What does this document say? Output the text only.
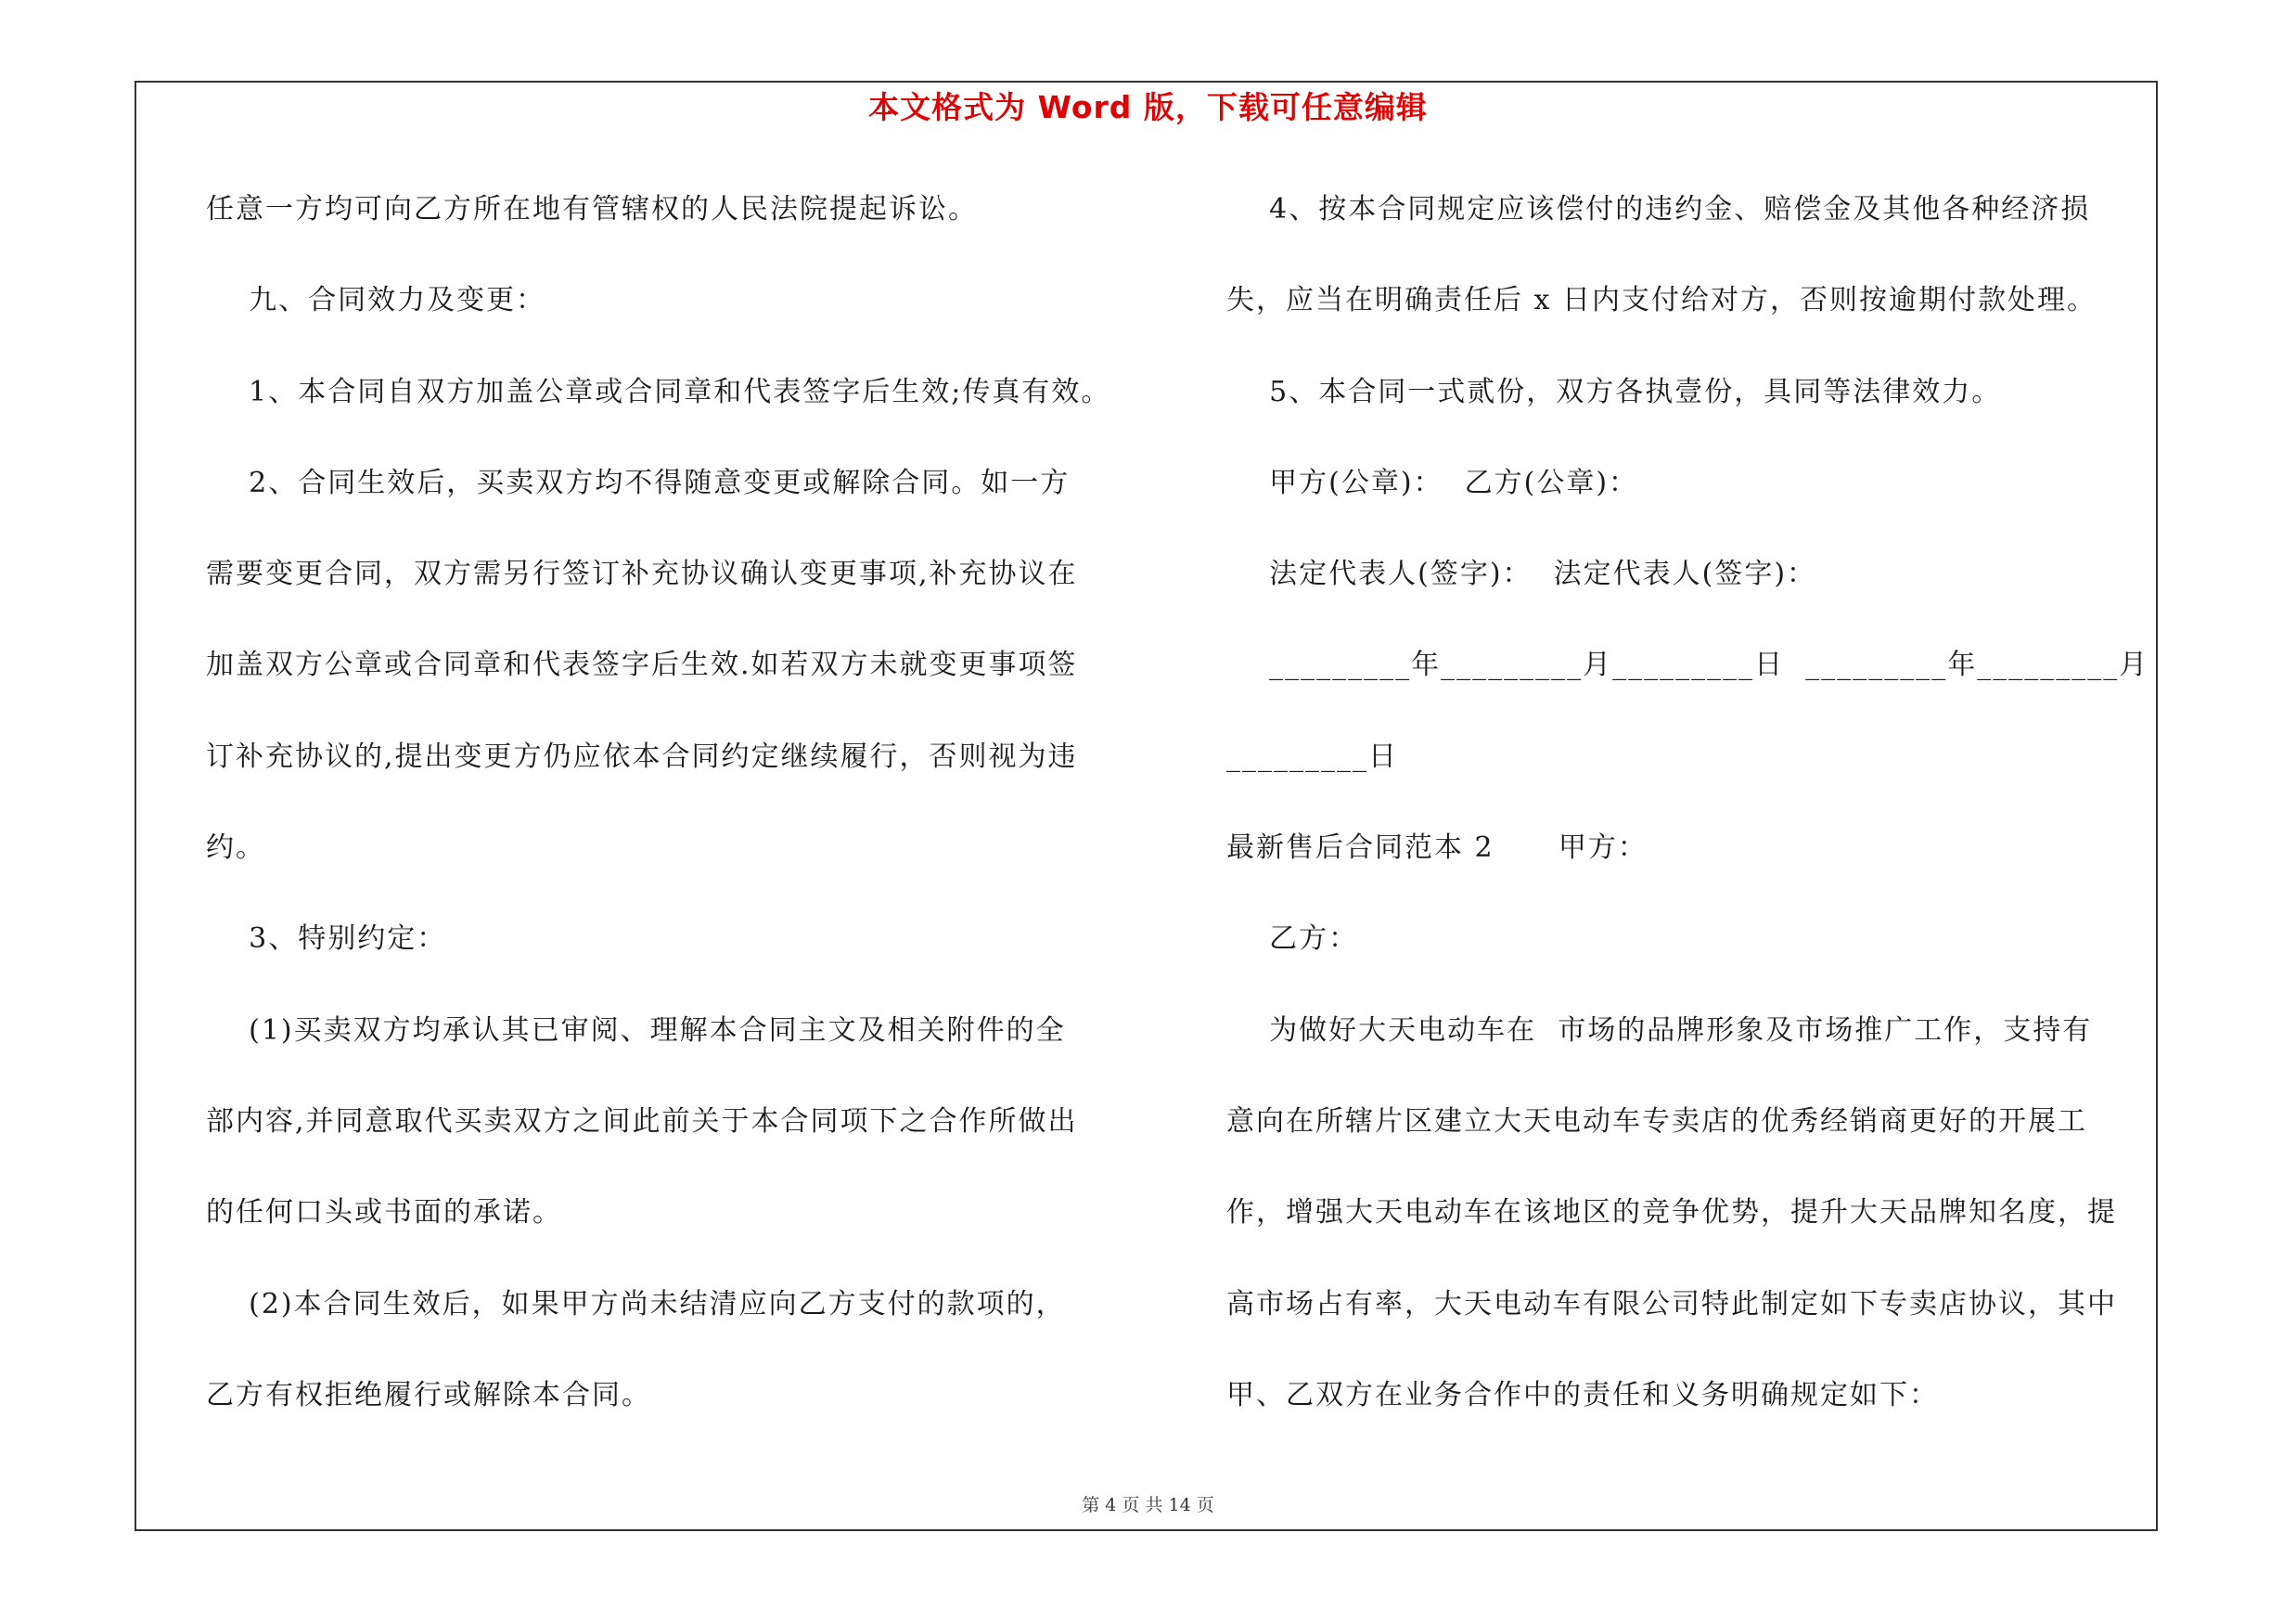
本文格式为 Word 版，下载可任意编辑
任意一方均可向乙方所在地有管辖权的人民法院提起诉讼。
九、合同效力及变更：
1、本合同自双方加盖公章或合同章和代表签字后生效;传真有效。
2、合同生效后，买卖双方均不得随意变更或解除合同。如一方
需要变更合同，双方需另行签订补充协议确认变更事项,补充协议在
加盖双方公章或合同章和代表签字后生效.如若双方未就变更事项签
订补充协议的,提出变更方仍应依本合同约定继续履行，否则视为违
约。
3、特别约定：
(1)买卖双方均承认其已审阅、理解本合同主文及相关附件的全
部内容,并同意取代买卖双方之间此前关于本合同项下之合作所做出
的任何口头或书面的承诺。
(2)本合同生效后，如果甲方尚未结清应向乙方支付的款项的，
乙方有权拒绝履行或解除本合同。
4、按本合同规定应该偿付的违约金、赔偿金及其他各种经济损
失，应当在明确责任后 x 日内支付给对方，否则按逾期付款处理。
5、本合同一式贰份，双方各执壹份，具同等法律效力。
甲方(公章)：  乙方(公章)：
法定代表人(签字)：  法定代表人(签字)：
_________年_________月_________日  _________年_________月
_________日
最新售后合同范本 2      甲方：
乙方：
为做好大天电动车在  市场的品牌形象及市场推广工作，支持有
意向在所辖片区建立大天电动车专卖店的优秀经销商更好的开展工
作，增强大天电动车在该地区的竞争优势，提升大天品牌知名度，提
高市场占有率，大天电动车有限公司特此制定如下专卖店协议，其中
甲、乙双方在业务合作中的责任和义务明确规定如下：
第 4 页 共 14 页
